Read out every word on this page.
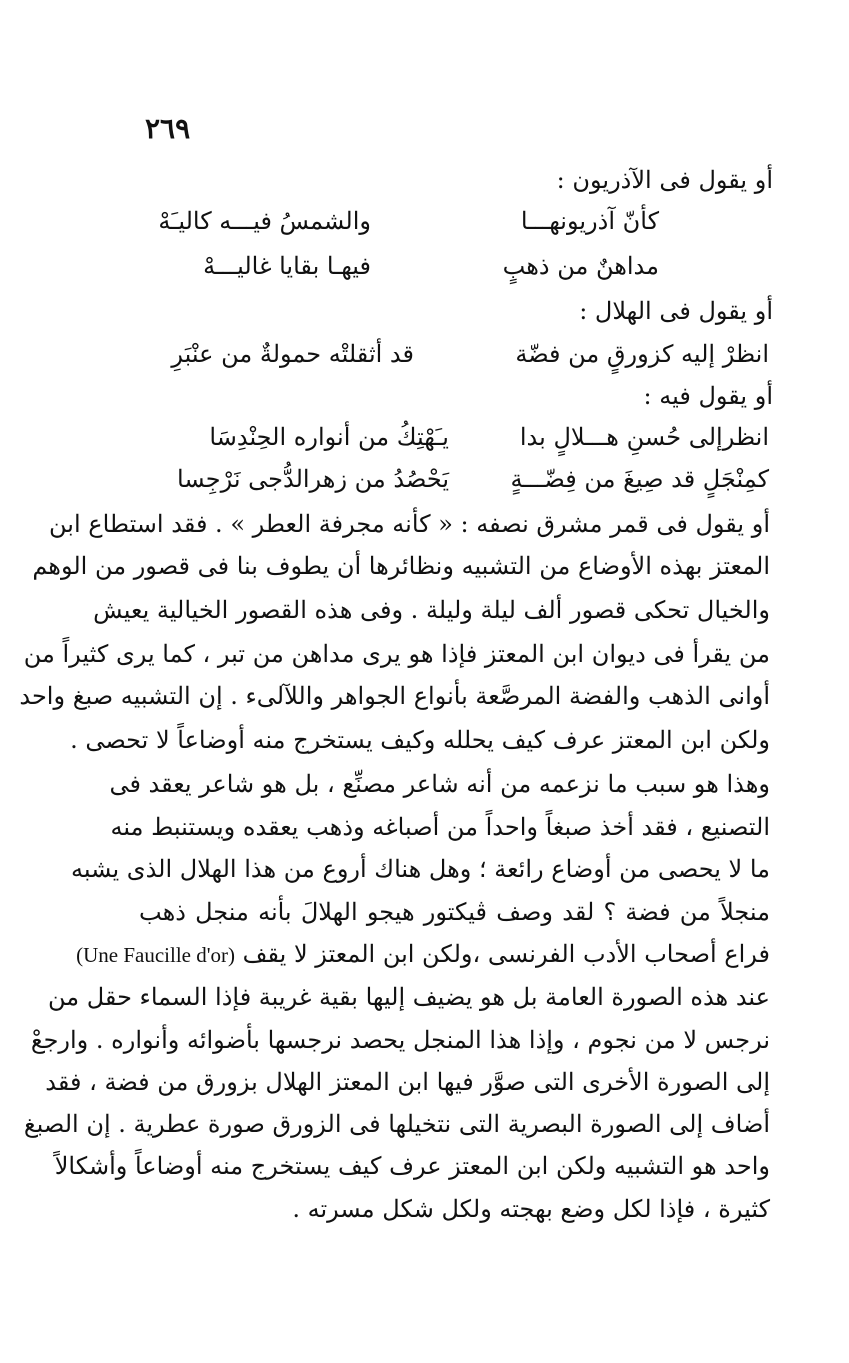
٢٦٩
أو يقول فى الآذريون :
كأنّ آذريونهـــا
والشمسُ فيـــه كاليـَهْ
مداهنٌ من ذهبٍ
فيهـا بقايا غاليـــهْ
أو يقول فى الهلال :
انظرْ إليه كزورقٍ من فضّة
قد أثقلتْه حمولةٌ من عنْبَرِ
أو يقول فيه :
انظرإلى حُسنِ هـــلالٍ بدا
يـَهْتِكُ من أنواره الحِنْدِسَا
كمِنْجَلٍ قد صِيغَ من فِضّـــةٍ
يَحْصُدُ من زهرالدُّجى نَرْجِسا
أو يقول فى قمر مشرق نصفه : « كأنه مجرفة العطر » . فقد استطاع ابن
المعتز بهذه الأوضاع من التشبيه ونظائرها أن يطوف بنا فى قصور من الوهم
والخيال تحكى قصور ألف ليلة وليلة . وفى هذه القصور الخيالية يعيش
من يقرأ فى ديوان ابن المعتز فإذا هو يرى مداهن من تبر ، كما يرى كثيراً من
أوانى الذهب والفضة المرصَّعة بأنواع الجواهر واللآلىء . إن التشبيه صبغ واحد
ولكن ابن المعتز عرف كيف يحلله وكيف يستخرج منه أوضاعاً لا تحصى .
وهذا هو سبب ما نزعمه من أنه شاعر مصنِّع ، بل هو شاعر يعقد فى
التصنيع ، فقد أخذ صبغاً واحداً من أصباغه وذهب يعقده ويستنبط منه
ما لا يحصى من أوضاع رائعة ؛ وهل هناك أروع من هذا الهلال الذى يشبه
منجلاً من فضة ؟ لقد وصف ڤيكتور هيجو الهلالَ بأنه منجل ذهب
فراع أصحاب الأدب الفرنسى ،ولكن ابن المعتز لا يقف (Une Faucille d'or)
عند هذه الصورة العامة بل هو يضيف إليها بقية غريبة فإذا السماء حقل من
نرجس لا من نجوم ، وإذا هذا المنجل يحصد نرجسها بأضوائه وأنواره . وارجعْ
إلى الصورة الأخرى التى صوَّر فيها ابن المعتز الهلال بزورق من فضة ، فقد
أضاف إلى الصورة البصرية التى نتخيلها فى الزورق صورة عطرية . إن الصبغ
واحد هو التشبيه ولكن ابن المعتز عرف كيف يستخرج منه أوضاعاً وأشكالاً
كثيرة ، فإذا لكل وضع بهجته ولكل شكل مسرته .
